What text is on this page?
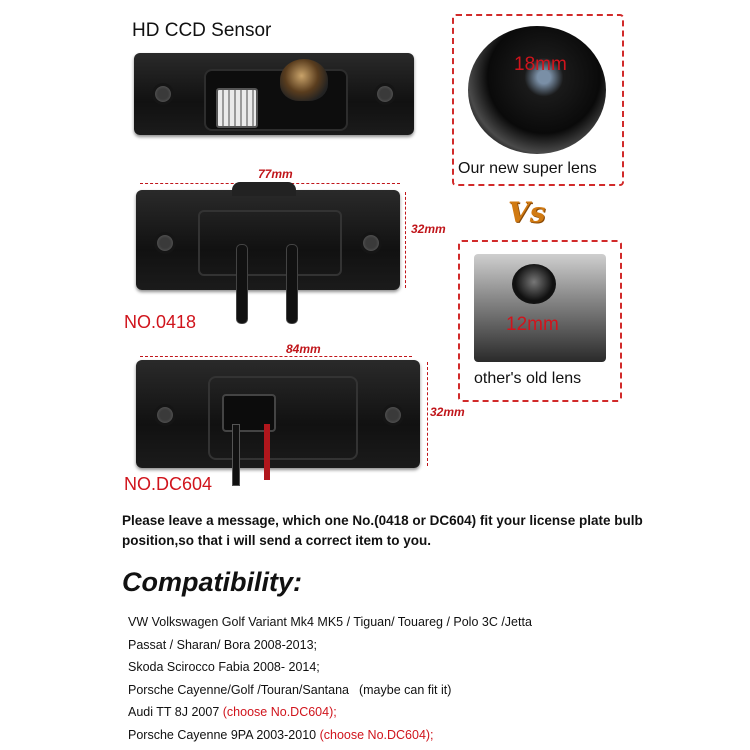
HD CCD Sensor
77mm
32mm
NO.0418
84mm
32mm
NO.DC604
18mm
Our new super lens
Vs
12mm
other's old lens
Please leave a message, which one No.(0418 or DC604) fit your license plate bulb position,so that i will send a correct item to you.
Compatibility:
VW Volkswagen Golf Variant Mk4 MK5 / Tiguan/ Touareg / Polo 3C /Jetta
Passat / Sharan/ Bora 2008-2013;
Skoda Scirocco Fabia 2008- 2014;
Porsche Cayenne/Golf /Touran/Santana (maybe can fit it)
Audi TT 8J 2007 (choose No.DC604);
Porsche Cayenne 9PA 2003-2010 (choose No.DC604);
